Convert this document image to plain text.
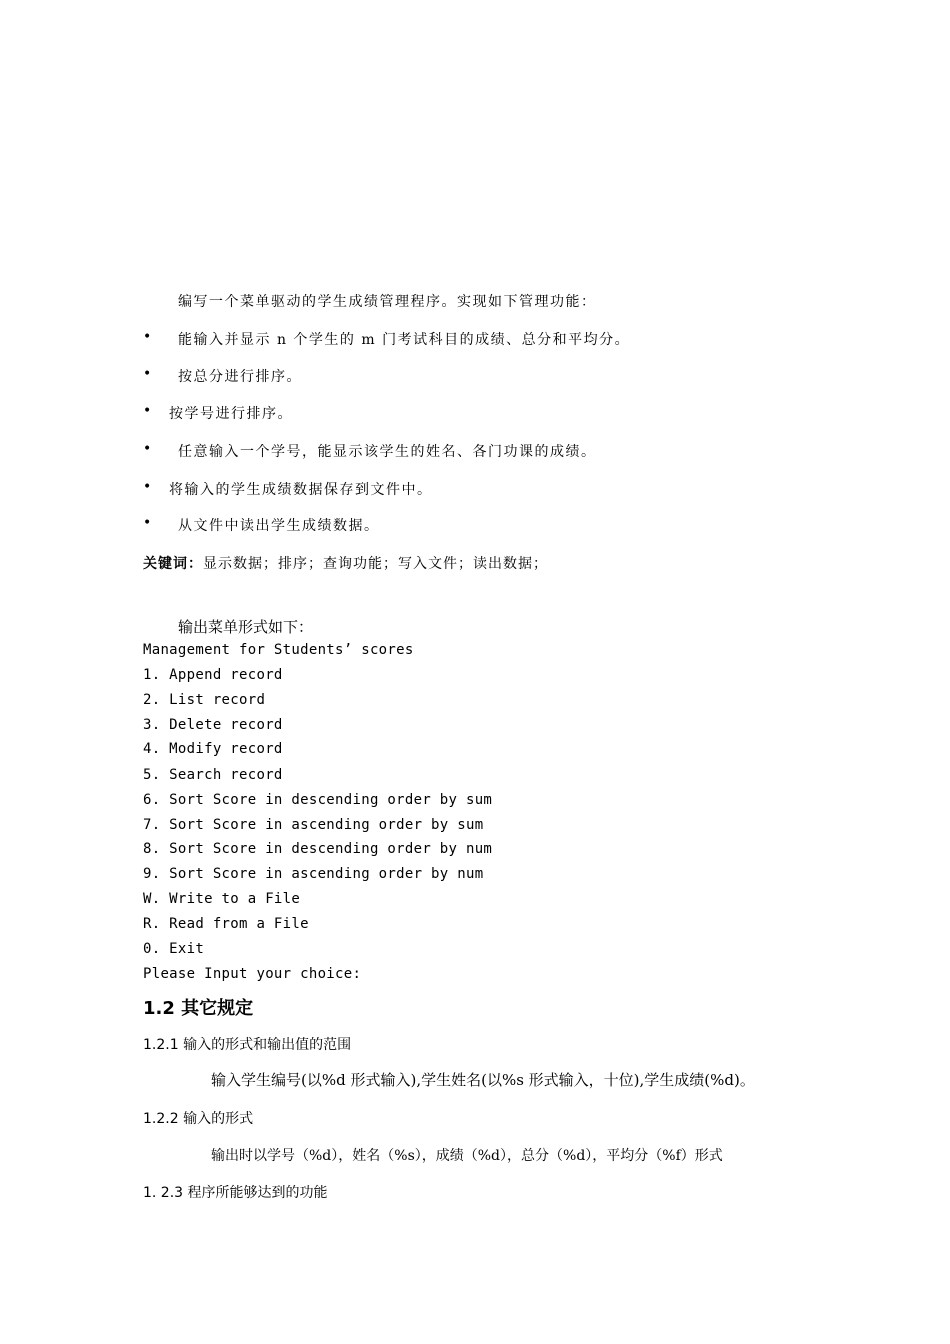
编写一个菜单驱动的学生成绩管理程序。实现如下管理功能：
• 能输入并显示 n 个学生的 m 门考试科目的成绩、总分和平均分。
• 按总分进行排序。
• 按学号进行排序。
• 任意输入一个学号，能显示该学生的姓名、各门功课的成绩。
• 将输入的学生成绩数据保存到文件中。
• 从文件中读出学生成绩数据。
关键词：显示数据；排序；查询功能；写入文件；读出数据；
输出菜单形式如下：
Management for Students’ scores
1. Append record
2. List record
3. Delete record
4. Modify record
5. Search record
6. Sort Score in descending order by sum
7. Sort Score in ascending order by sum
8. Sort Score in descending order by num
9. Sort Score in ascending order by num
W. Write to a File
R. Read from a File
0. Exit
Please Input your choice:
1.2 其它规定
1.2.1 输入的形式和输出值的范围
输入学生编号(以%d 形式输入),学生姓名(以%s 形式输入，十位),学生成绩(%d)。
1.2.2 输入的形式
输出时以学号（%d），姓名（%s），成绩（%d），总分（%d），平均分（%f）形式
1. 2.3 程序所能够达到的功能
